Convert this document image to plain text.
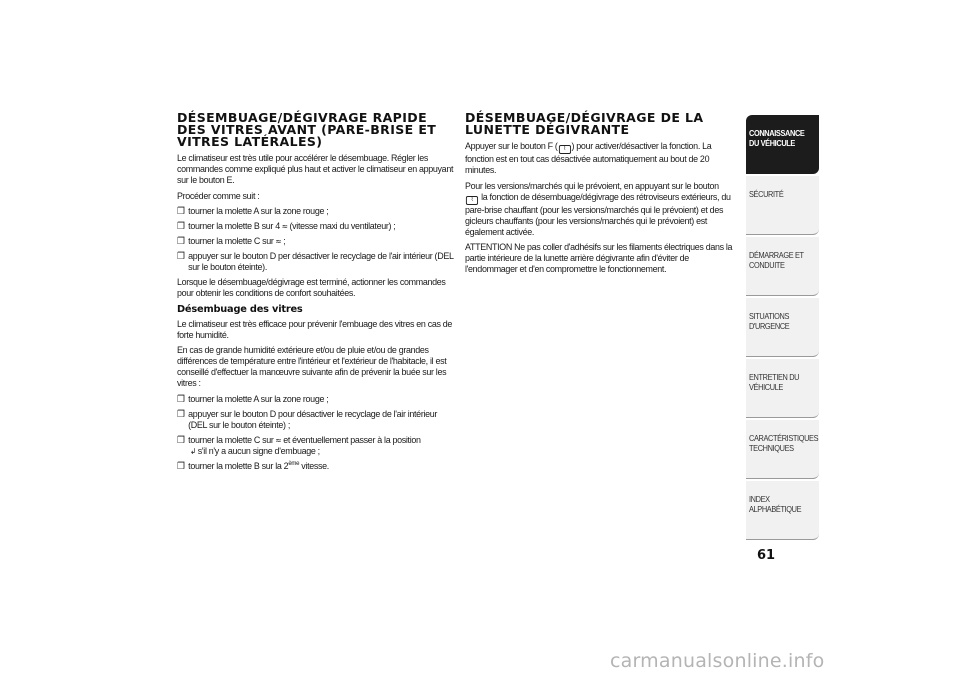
DÉSEMBUAGE/DÉGIVRAGE RAPIDE DES VITRES AVANT (PARE-BRISE ET VITRES LATÉRALES)

Le climatiseur est très utile pour accélérer le désembuage. Régler les commandes comme expliqué plus haut et activer le climatiseur en appuyant sur le bouton E.

Procéder comme suit :

❒ tourner la molette A sur la zone rouge ;
❒ tourner la molette B sur 4 ≈ (vitesse maxi du ventilateur) ;
❒ tourner la molette C sur ≈ ;
❒ appuyer sur le bouton D per désactiver le recyclage de l'air intérieur (DEL sur le bouton éteinte).

Lorsque le désembuage/dégivrage est terminé, actionner les commandes pour obtenir les conditions de confort souhaitées.

Désembuage des vitres

Le climatiseur est très efficace pour prévenir l'embuage des vitres en cas de forte humidité.

En cas de grande humidité extérieure et/ou de pluie et/ou de grandes différences de température entre l'intérieur et l'extérieur de l'habitacle, il est conseillé d'effectuer la manœuvre suivante afin de prévenir la buée sur les vitres :

❒ tourner la molette A sur la zone rouge ;
❒ appuyer sur le bouton D pour désactiver le recyclage de l'air intérieur (DEL sur le bouton éteinte) ;
❒ tourner la molette C sur ≈ et éventuellement passer à la position
↲ s'il n'y a aucun signe d'embuage ;
❒ tourner la molette B sur la 2ème vitesse.
DÉSEMBUAGE/DÉGIVRAGE DE LA LUNETTE DÉGIVRANTE

Appuyer sur le bouton F ( ⌇ ) pour activer/désactiver la fonction. La fonction est en tout cas désactivée automatiquement au bout de 20 minutes.

Pour les versions/marchés qui le prévoient, en appuyant sur le bouton
⌇ la fonction de désembuage/dégivrage des rétroviseurs extérieurs, du pare-brise chauffant (pour les versions/marchés qui le prévoient) et des gicleurs chauffants (pour les versions/marchés qui le prévoient) est également activée.

ATTENTION Ne pas coller d'adhésifs sur les filaments électriques dans la partie intérieure de la lunette arrière dégivrante afin d'éviter de l'endommager et d'en compromettre le fonctionnement.

CONNAISSANCE
DU VÉHICULE
SÉCURITÉ

DÉMARRAGE ET
CONDUITE
SITUATIONS
D'URGENCE
ENTRETIEN DU
VÉHICULE
CARACTÉRISTIQUES
TECHNIQUES
INDEX
ALPHABÉTIQUE
61
carmanualsonline.info
